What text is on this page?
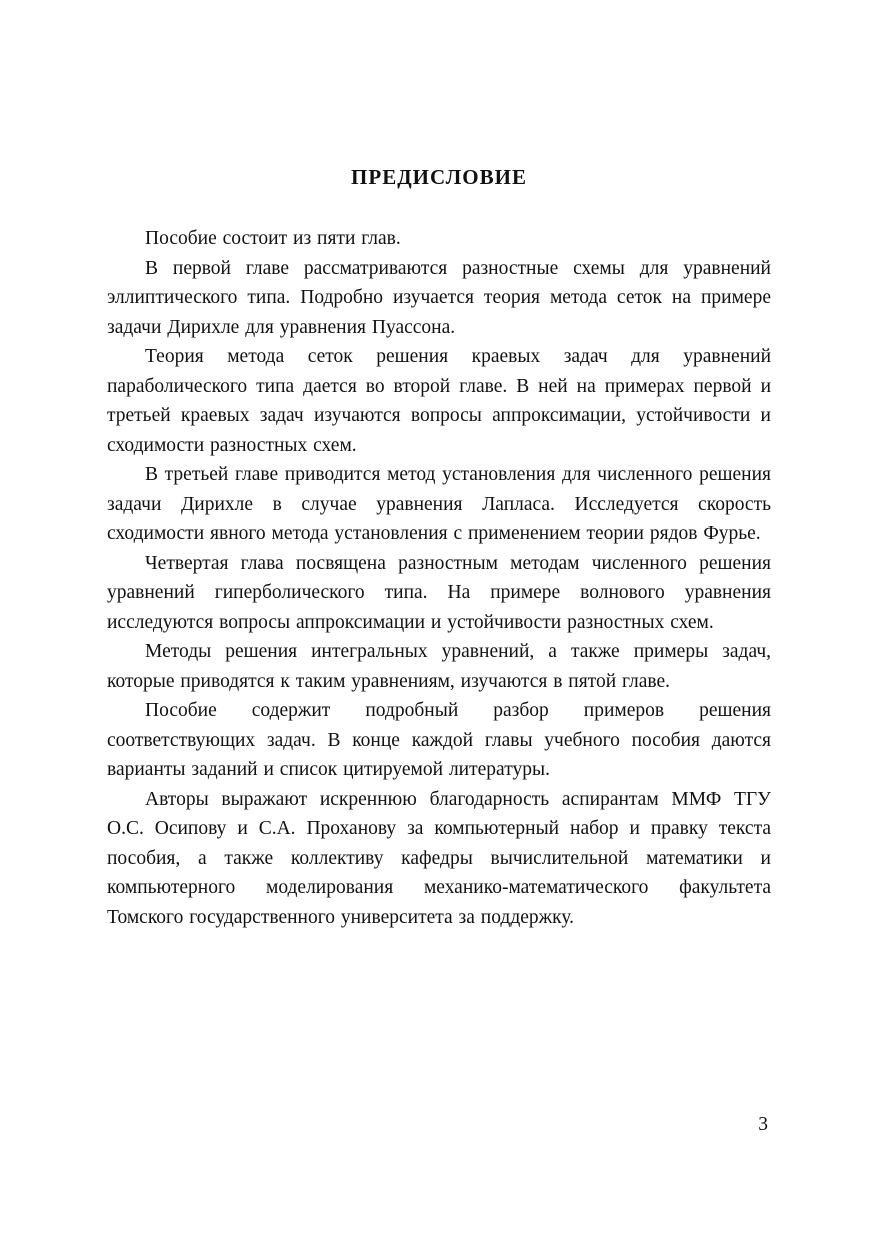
ПРЕДИСЛОВИЕ

Пособие состоит из пяти глав.

В первой главе рассматриваются разностные схемы для уравнений эллиптического типа. Подробно изучается теория метода сеток на примере задачи Дирихле для уравнения Пуассона.

Теория метода сеток решения краевых задач для уравнений параболического типа дается во второй главе. В ней на примерах первой и третьей краевых задач изучаются вопросы аппроксимации, устойчивости и сходимости разностных схем.

В третьей главе приводится метод установления для численного решения задачи Дирихле в случае уравнения Лапласа. Исследуется скорость сходимости явного метода установления с применением теории рядов Фурье.

Четвертая глава посвящена разностным методам численного решения уравнений гиперболического типа. На примере волнового уравнения исследуются вопросы аппроксимации и устойчивости разностных схем.

Методы решения интегральных уравнений, а также примеры задач, которые приводятся к таким уравнениям, изучаются в пятой главе.

Пособие содержит подробный разбор примеров решения соответствующих задач. В конце каждой главы учебного пособия даются варианты заданий и список цитируемой литературы.

Авторы выражают искреннюю благодарность аспирантам ММФ ТГУ О.С. Осипову и С.А. Проханову за компьютерный набор и правку текста пособия, а также коллективу кафедры вычислительной математики и компьютерного моделирования механико-математического факультета Томского государственного университета за поддержку.

3
